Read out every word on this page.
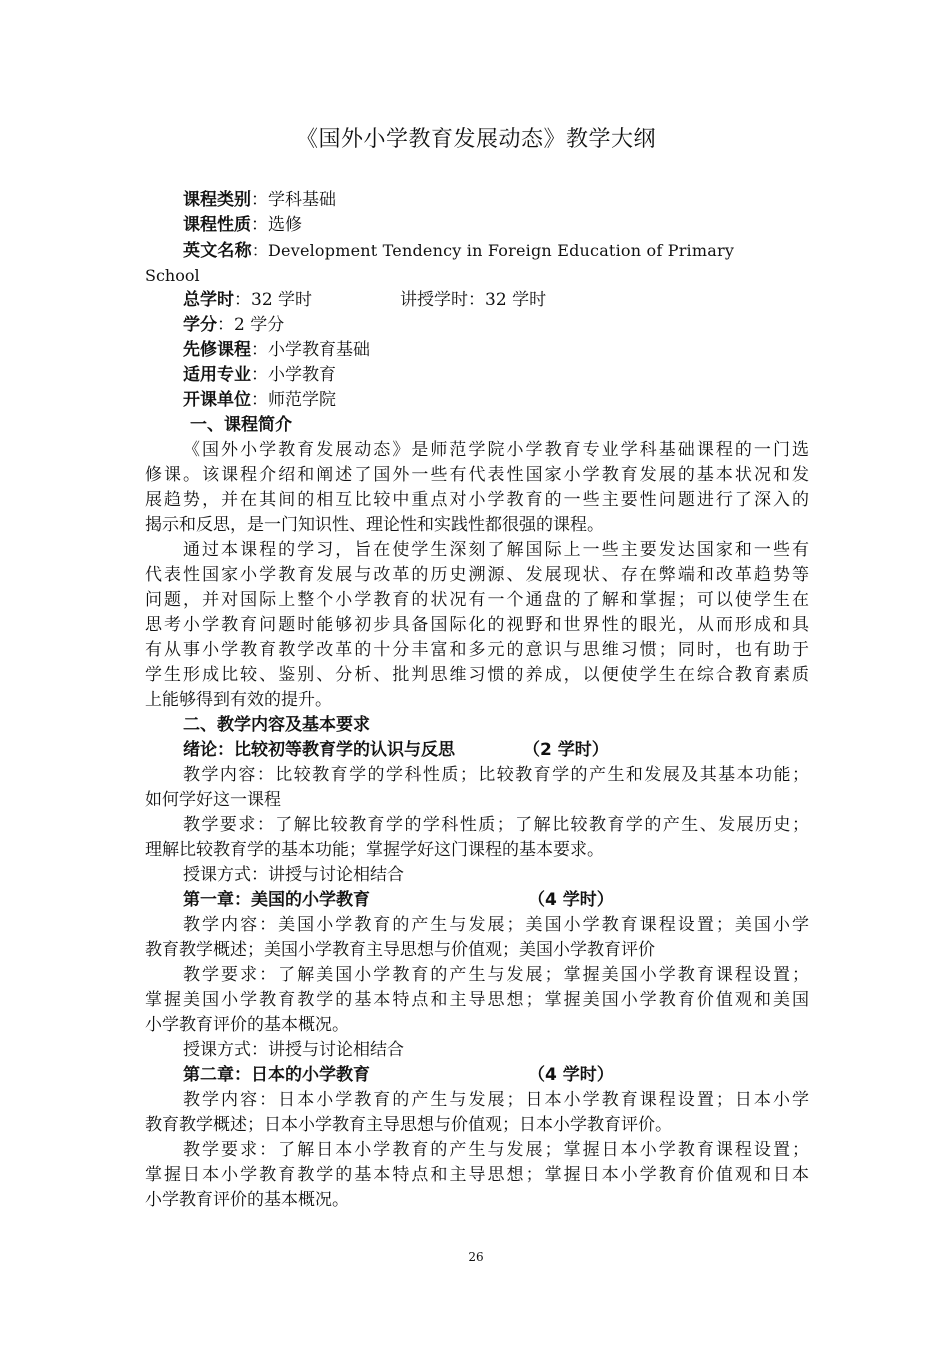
《国外小学教育发展动态》教学大纲
课程类别：学科基础
课程性质：选修
英文名称：Development Tendency in Foreign Education of Primary
School
总学时：32 学时	讲授学时：32 学时
学分：2 学分
先修课程：小学教育基础
适用专业：小学教育
开课单位：师范学院
一、课程简介
《国外小学教育发展动态》是师范学院小学教育专业学科基础课程的一门选
修课。该课程介绍和阐述了国外一些有代表性国家小学教育发展的基本状况和发
展趋势，并在其间的相互比较中重点对小学教育的一些主要性问题进行了深入的
揭示和反思，是一门知识性、理论性和实践性都很强的课程。
通过本课程的学习，旨在使学生深刻了解国际上一些主要发达国家和一些有
代表性国家小学教育发展与改革的历史溯源、发展现状、存在弊端和改革趋势等
问题，并对国际上整个小学教育的状况有一个通盘的了解和掌握；可以使学生在
思考小学教育问题时能够初步具备国际化的视野和世界性的眼光，从而形成和具
有从事小学教育教学改革的十分丰富和多元的意识与思维习惯；同时，也有助于
学生形成比较、鉴别、分析、批判思维习惯的养成，以便使学生在综合教育素质
上能够得到有效的提升。
二、教学内容及基本要求
绪论：比较初等教育学的认识与反思	（2 学时）
教学内容：比较教育学的学科性质；比较教育学的产生和发展及其基本功能；
如何学好这一课程
教学要求：了解比较教育学的学科性质；了解比较教育学的产生、发展历史；
理解比较教育学的基本功能；掌握学好这门课程的基本要求。
授课方式：讲授与讨论相结合
第一章：美国的小学教育	（4 学时）
教学内容：美国小学教育的产生与发展；美国小学教育课程设置；美国小学
教育教学概述；美国小学教育主导思想与价值观；美国小学教育评价
教学要求：了解美国小学教育的产生与发展；掌握美国小学教育课程设置；
掌握美国小学教育教学的基本特点和主导思想；掌握美国小学教育价值观和美国
小学教育评价的基本概况。
授课方式：讲授与讨论相结合
第二章：日本的小学教育	（4 学时）
教学内容：日本小学教育的产生与发展；日本小学教育课程设置；日本小学
教育教学概述；日本小学教育主导思想与价值观；日本小学教育评价。
教学要求：了解日本小学教育的产生与发展；掌握日本小学教育课程设置；
掌握日本小学教育教学的基本特点和主导思想；掌握日本小学教育价值观和日本
小学教育评价的基本概况。
26
